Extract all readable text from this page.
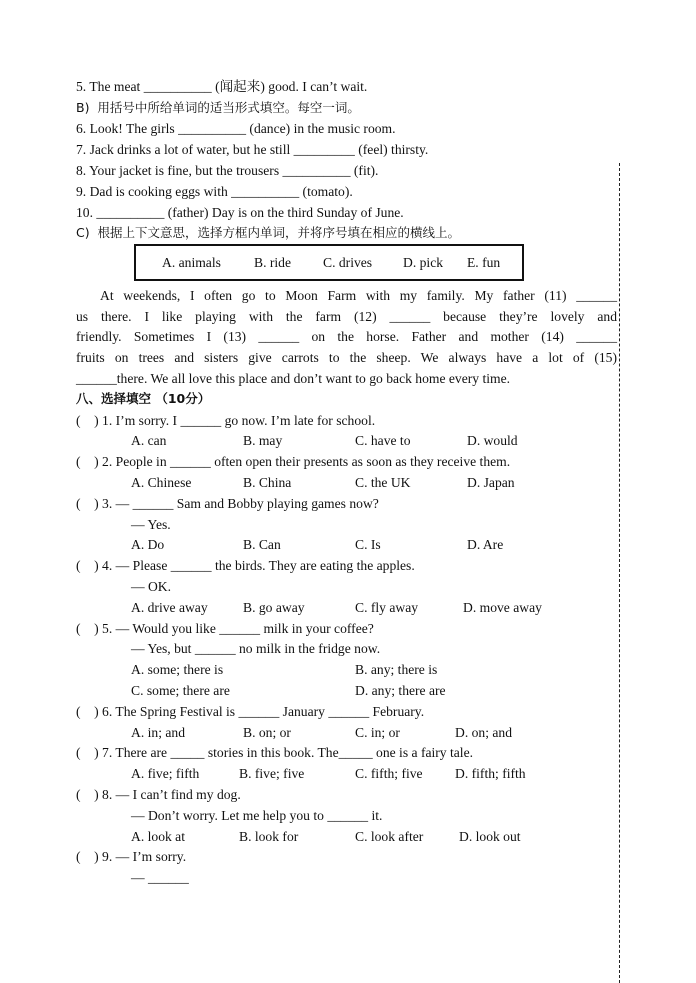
5. The meat __________ (闻起来) good. I can’t wait.
B)  用括号中所给单词的适当形式填空。每空一词。
6. Look! The girls __________ (dance) in the music room.
7. Jack drinks a lot of water, but he still _________ (feel) thirsty.
8. Your jacket is fine, but the trousers __________ (fit).
9. Dad is cooking eggs with __________ (tomato).
10. __________ (father) Day is on the third Sunday of June.
C)  根据上下文意思，选择方框内单词，并将序号填在相应的横线上。
A. animals B. ride C. drives D. pick E. fun
At weekends, I often go to Moon Farm with my family. My father (11) ______
us there. I like playing with the farm (12) ______ because they’re lovely and
friendly. Sometimes I (13) ______ on the horse. Father and mother (14) ______
fruits on trees and sisters give carrots to the sheep. We always have a lot of (15)
______there. We all love this place and don’t want to go back home every time.
八、选择填空 （10分）
(    ) 1. I’m sorry. I ______ go now. I’m late for school.
A. can	B. may	C. have to	D. would
(    ) 2. People in ______ often open their presents as soon as they receive them.
A. Chinese	B. China	C. the UK	D. Japan
(    ) 3. — ______ Sam and Bobby playing games now?
— Yes.
A. Do	B. Can	C. Is	D. Are
(    ) 4. — Please ______ the birds. They are eating the apples.
— OK.
A. drive away	B. go away	C. fly away	D. move away
(    ) 5. — Would you like ______ milk in your coffee?
— Yes, but ______ no milk in the fridge now.
A. some; there is	B. any; there is
C. some; there are	D. any; there are
(    ) 6. The Spring Festival is ______ January ______ February.
A. in; and	B. on; or	C. in; or	D. on; and
(    ) 7. There are _____ stories in this book. The_____ one is a fairy tale.
A. five; fifth	B. five; five	C. fifth; five D. fifth; fifth
(    ) 8. — I can’t find my dog.
— Don’t worry. Let me help you to ______ it.
A. look at	B. look for	C. look after	D. look out
(    ) 9. — I’m sorry.
— ______
